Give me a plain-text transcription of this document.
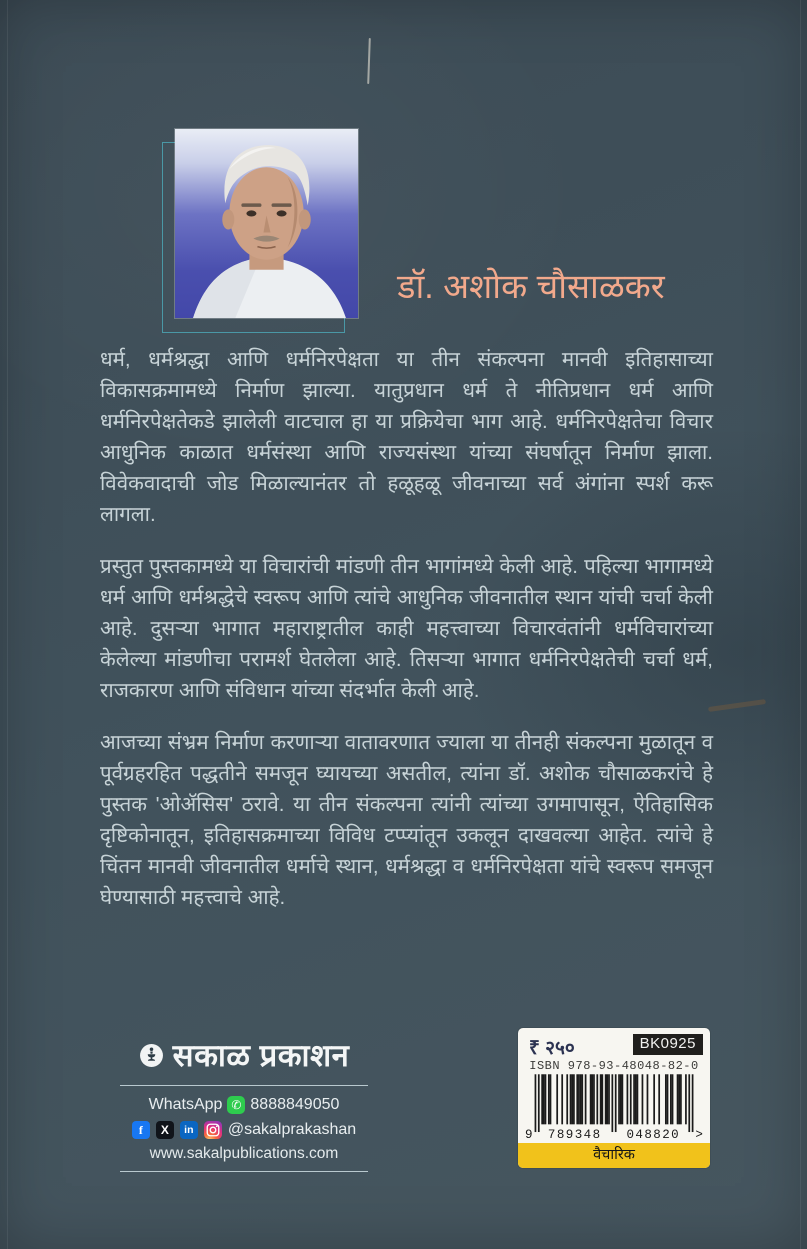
डॉ. अशोक चौसाळकर

धर्म, धर्मश्रद्धा आणि धर्मनिरपेक्षता या तीन संकल्पना मानवी इतिहासाच्या विकासक्रमामध्ये निर्माण झाल्या. यातुप्रधान धर्म ते नीतिप्रधान धर्म आणि धर्मनिरपेक्षतेकडे झालेली वाटचाल हा या प्रक्रियेचा भाग आहे. धर्मनिरपेक्षतेचा विचार आधुनिक काळात धर्मसंस्था आणि राज्यसंस्था यांच्या संघर्षातून निर्माण झाला. विवेकवादाची जोड मिळाल्यानंतर तो हळूहळू जीवनाच्या सर्व अंगांना स्पर्श करू लागला.

प्रस्तुत पुस्तकामध्ये या विचारांची मांडणी तीन भागांमध्ये केली आहे. पहिल्या भागामध्ये धर्म आणि धर्मश्रद्धेचे स्वरूप आणि त्यांचे आधुनिक जीवनातील स्थान यांची चर्चा केली आहे. दुसऱ्या भागात महाराष्ट्रातील काही महत्त्वाच्या विचारवंतांनी धर्मविचारांच्या केलेल्या मांडणीचा परामर्श घेतलेला आहे. तिसऱ्या भागात धर्मनिरपेक्षतेची चर्चा धर्म, राजकारण आणि संविधान यांच्या संदर्भात केली आहे.

आजच्या संभ्रम निर्माण करणाऱ्या वातावरणात ज्याला या तीनही संकल्पना मुळातून व पूर्वग्रहरहित पद्धतीने समजून घ्यायच्या असतील, त्यांना डॉ. अशोक चौसाळकरांचे हे पुस्तक 'ओॲसिस' ठरावे. या तीन संकल्पना त्यांनी त्यांच्या उगमापासून, ऐतिहासिक दृष्टिकोनातून, इतिहासक्रमाच्या विविध टप्प्यांतून उकलून दाखवल्या आहेत. त्यांचे हे चिंतन मानवी जीवनातील धर्माचे स्थान, धर्मश्रद्धा व धर्मनिरपेक्षता यांचे स्वरूप समजून घेण्यासाठी महत्त्वाचे आहे.

सकाळ प्रकाशन
WhatsApp ✆ 8888849050
f	X	in @sakalprakashan
www.sakalpublications.com
₹ २५०	BK0925
ISBN 978-93-48048-82-0
9 789348 048820 >
वैचारिक
